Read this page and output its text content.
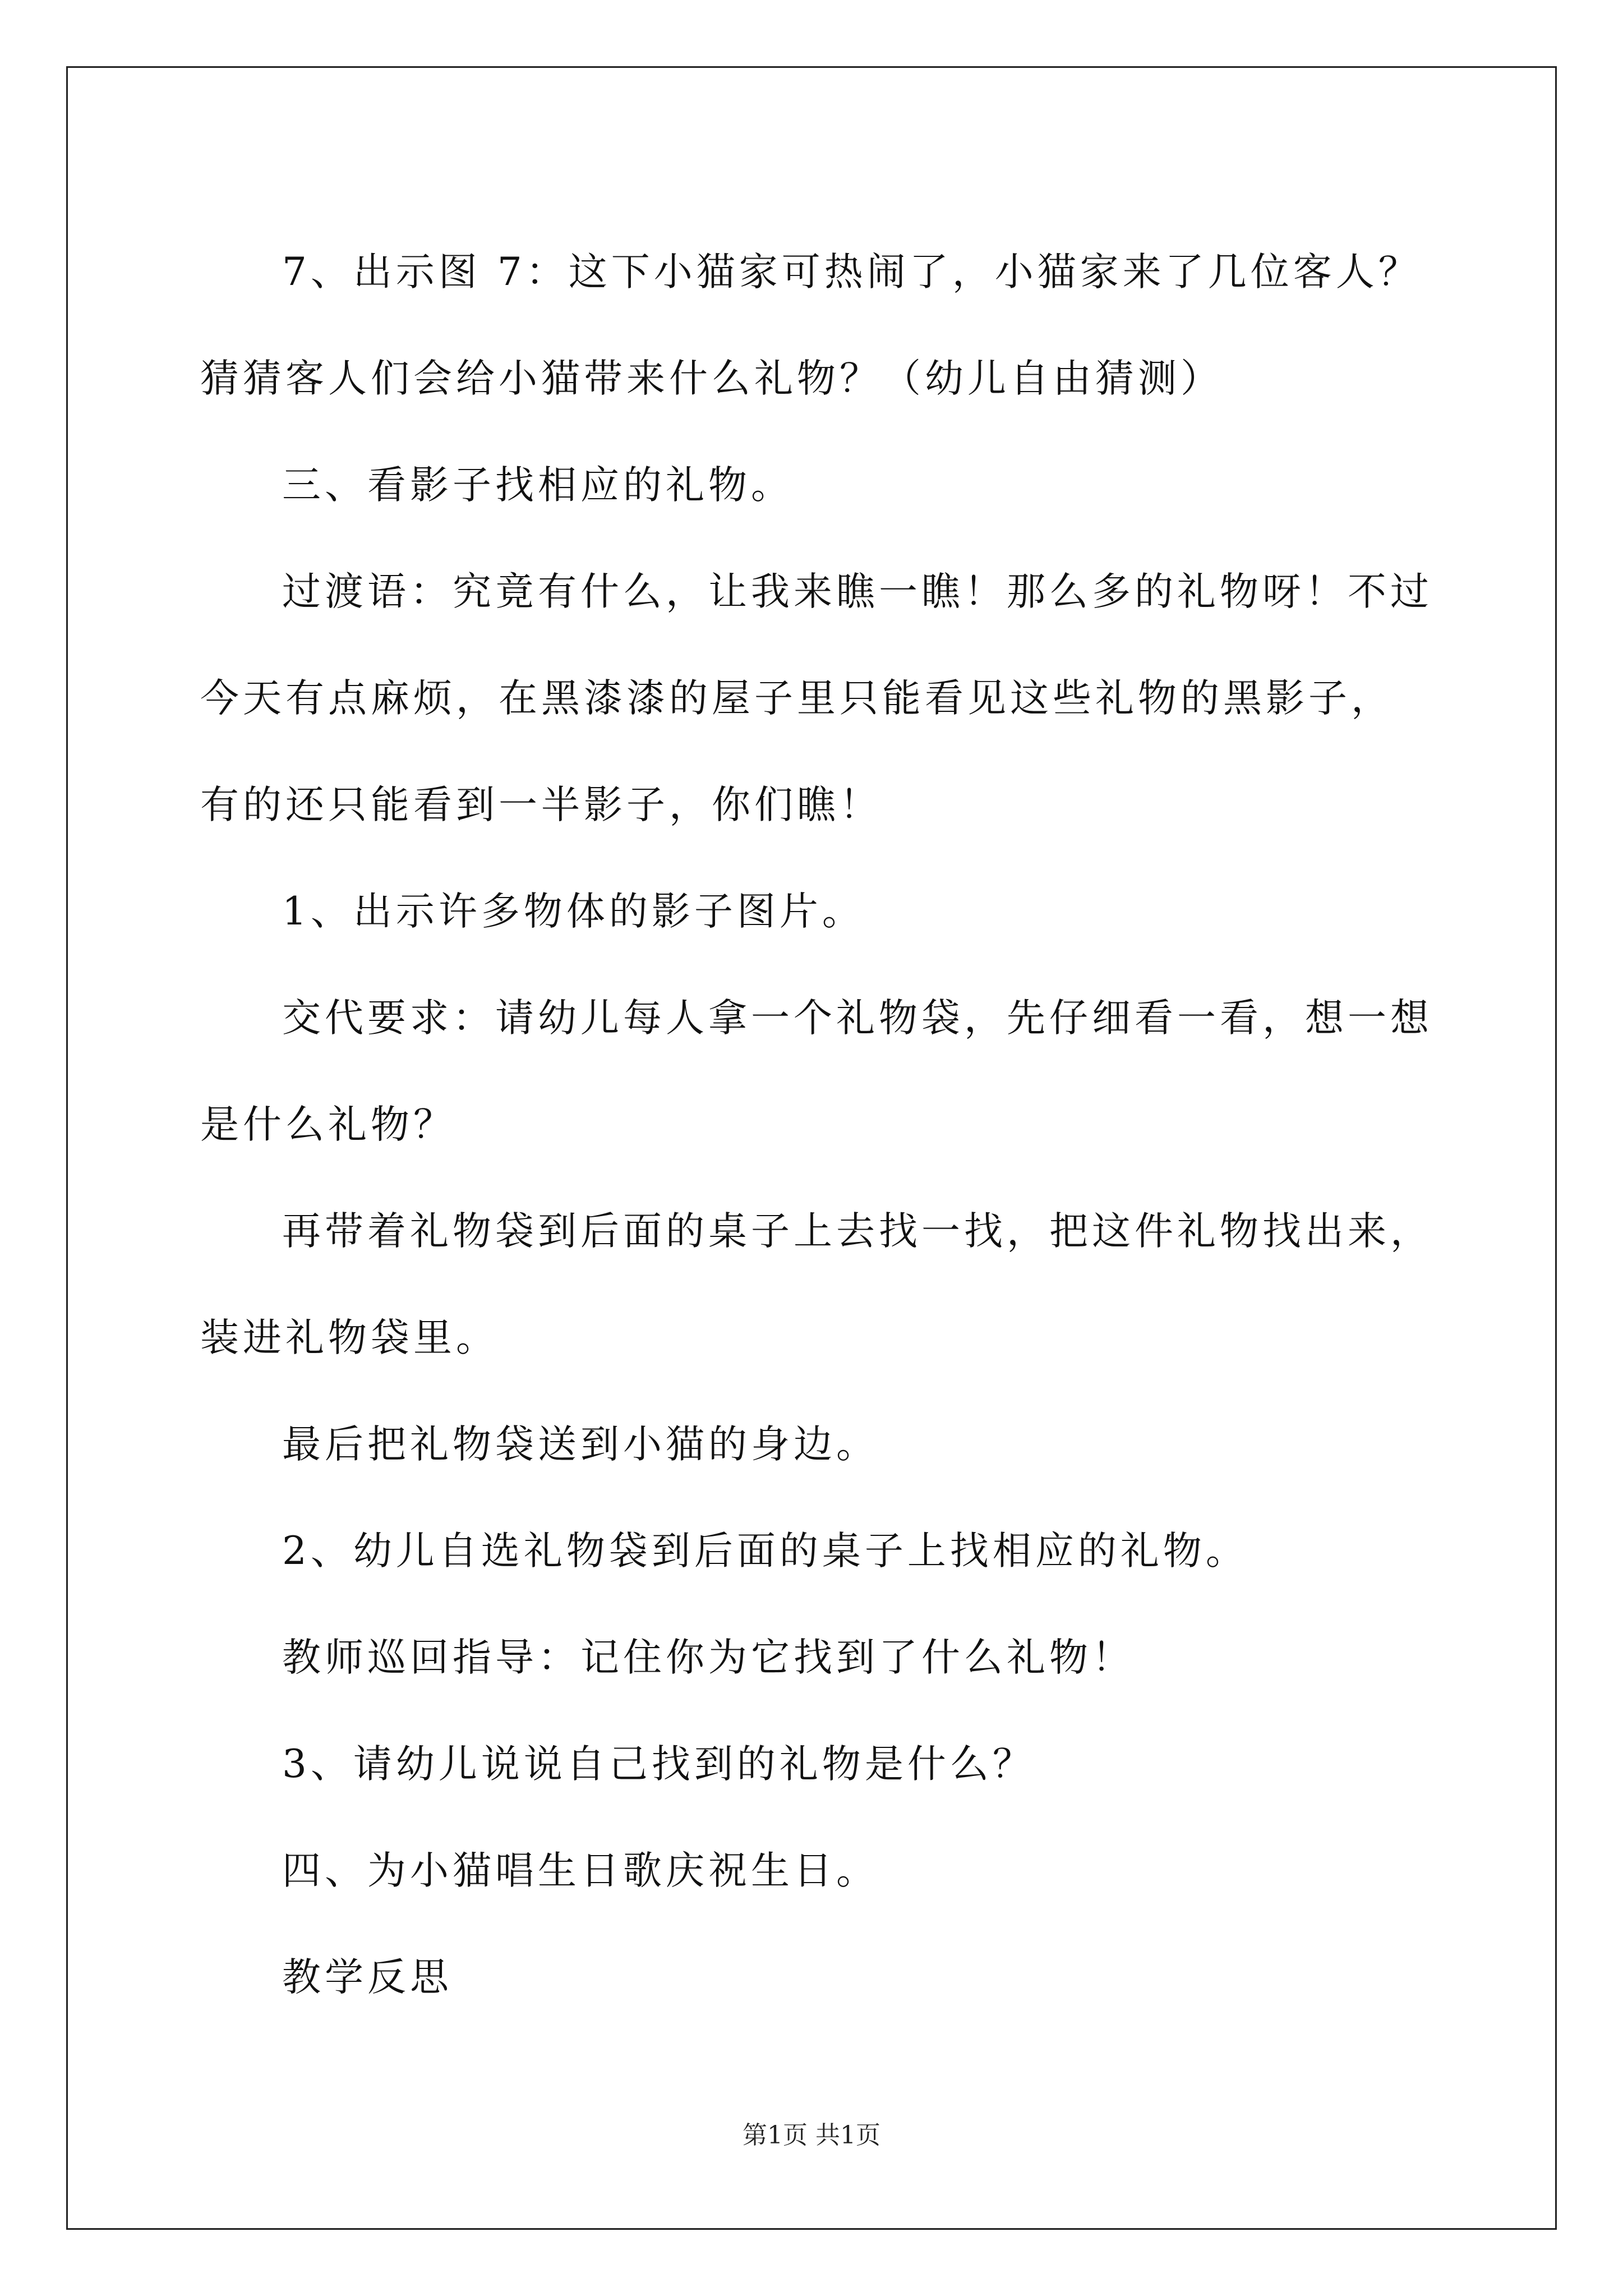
7、出示图 7：这下小猫家可热闹了，小猫家来了几位客人？猜猜客人们会给小猫带来什么礼物？（幼儿自由猜测）

三、看影子找相应的礼物。

过渡语：究竟有什么，让我来瞧一瞧！那么多的礼物呀！不过今天有点麻烦，在黑漆漆的屋子里只能看见这些礼物的黑影子，有的还只能看到一半影子，你们瞧！

1、出示许多物体的影子图片。

交代要求：请幼儿每人拿一个礼物袋，先仔细看一看，想一想是什么礼物？

再带着礼物袋到后面的桌子上去找一找，把这件礼物找出来，装进礼物袋里。

最后把礼物袋送到小猫的身边。

2、幼儿自选礼物袋到后面的桌子上找相应的礼物。

教师巡回指导：记住你为它找到了什么礼物！

3、请幼儿说说自己找到的礼物是什么？

四、为小猫唱生日歌庆祝生日。

教学反思

第1页 共1页
